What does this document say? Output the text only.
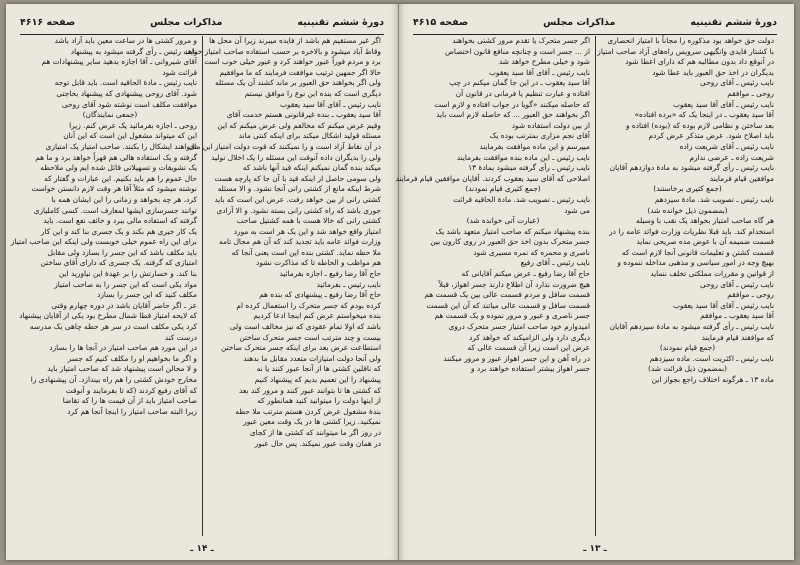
دورهٔ ششم تقنینیه
مذاکرات مجلس
صفحه ۴۶۱۶
اگر غیر مستقیم هم باشد از فایده میبرند زیرا آن محل ها
وقاط آباد میشود و بالاخره بر حسب استفاده صاحب امتیاز خواهد
برد و مردم فوراً عبور خواهند کرد و عبور خیلی خوب است
حالا اگر جمهین ترتیب موافقت فرمایند که ما موافقیم
ولی اگر بخواهند حق العبور بر ماند کشند آن یک مسئله
دیگری است که بنده ابن نوع را موافق نیستم
نایب رئیس ـ آقای آقا سید یعقوب
آقا سید یعقوب ـ بنده غیرقانونی هستم خدمت آقای
وقیم عرض میکنم که مخالفم ولی عرض میکنم که این
مسئله قولید اشکال میکند برای اینکه کنتی ماند
در آن نقاط آزاد است و را نمیکنند که قوت دولت امتیاز این مال
ولی را بدیگران داده آنوقت این مسئله را یک اخلال تولید
میکند بنده گمان نمیکنم اینکه قید آنها باشد که
ولی سومی حاصل از اینکه قید با آن جا که پارچه هست
شرط اینکه مانع از کشتی رانی آنجا نشود. و الا مسئله
کشتی رانی از بین خواهد رفت. عرض این است که باید
جوری باشد که راه کشتی رانی بسته نشود. و الا آزادی
کشتی رانی که خالا هست با همه کشتیل صاحب
امتیاز واقع خواهد شد و این یک هر است به مورد
وزارت فوائد عامه باید تجدید کند که آن هم مجال تامه
ملا حظه نماید. کشتی بنده این است یعنی آنجا که
هم مواظب و الحاطه تا که مذاکرت نشود
حاج آقا رضا رفیع ـ اجازه بفرمائید
نایب رئیس ـ بفرمائید
حاج آقا رضا رفیع ـ پیشنهادی که بنده هم
کرده بودم که جسر متحرک را استعمال کرده ام
بنده میخواستم عرض کنم اینجا ادعا کردیم
باشد که اولا تمام عقودی که نیز مخالف است ولی
بیست و چند مترتب است جسر متحرک ساختن
استطاعت عرض بعد برای اینکه جسر متحرک ساختن
ولی آنجا دولت امتیازات متعدد مقابل ما بدهند
که ناقلین کشتی ها از آنجا عبور کنند یا نه
پیشنهاد را این تعمیم بدیم که پیشنهاد کنیم
که کشتی ها تا بتوانند عبور کنند و مرور کند بعد
از اینها دولت را میتوانید کنید همانطور که
بندهٔ مشغول عرض کردن هستم مترتب ملا حظه
نمیکنید. زیرا کشتی ها در یک وقت معین عبور
در روز اگر ما میتوانند که کشتی ها از کجای
در همان وقت عبور نمیکند. پس حال عبور
و مرور کشتی ها در ساعت معین باید آزاد باشد
نایب رئیس ـ رأی گرفته میشود به پیشنهاد
آقای شیروانی ـ آقا اجازه بدهید سایر پیشنهادات هم
قرائت شود
نایب رئیس ـ مادهٔ الحاقیه است. باید قابل توجه
شود. آقای روحی پیشنهادی که پیشنهاد بحاجتی
موافقت مکلف است نوشته شود آقای روحی
(جمعی نمایندگان)
روحی ـ اجازه بفرمائید یک عرض کنم. زیرا
این که میتواند مشغول این است که این آنان
نخواهند ایشکال را بکنند. صاحب امتیاز یک امتیازی
گرفته و یک استفاده هالی هم قهراً خواهد برد و ما هم
یک تشویقات و تسهیلاتی قائل شده ایم ولی ملاحظه
حال عموم را هم باید بکنیم. این عبارات و گفتار که
نوشته میشود که مثلاً آقا هر وقت لازم دانستن خواست
کرد، هر چه بخواهد و زمانی را این ایشان همه با
توانند جسرسازی ایشها لمعارف است. کسی کاملیازی
گرفته که استفاده مالی ببرد و خائف نفع است. باید
یک کار خیری هم بکند و یک جسری بنا کند و این کار
برای این راه عموم خیلی خوبست ولی اینکه این صاحب امتیاز
باید مکلف باشد که این جسر را بسازد ولی مقابل
امتیازی که گرفته. یک جسری که دارای آقای ساختن
بنا کند. و خسارتش را بر عهدهٔ این نیاورید این
مواد یکی است که این جسر را به صاحب امتیاز
مکلف کنید که این جسر را بسازد
عز ـ اگر حاضر آقایان باشد در دوره چهارم وقتی
که لایحه امتیاز قطا شمال مطرح بود یکی از آقایان پیشنهاد
کرد یکی مکلف است در سر هر حظه چاهی بک مدرسه
درست کند
در این مورد هم صاحب امتیاز در آنجا ها را بسازد
و اگر ما بخواهیم او را مکلف کنیم که جسر
و لا محالن است پیشنهاد شد که صاحب امتیاز باید
مخارج خودش کشتی را هم راه بیندازد. آن پیشنهادی را
که آقای رفیع کردند (که تا بفرمایند و آنوقت
صاحب امتیاز باید از آن قیمت ها را که تقاضا
زیرا البته صاحب امتیاز را اینجا آنجا هم کرد
ـ ۱۴ ـ
دورهٔ ششم تقنینیه
مذاکرات مجلس
صفحه ۴۶۱۵
دولت حق خواهد بود مذکوره را مجاناً با امتیاز انحصاری
با کشتار قایدی وانگیهی سرویس راه‌های آزاد صاحب امتیاز
در آنوقع داد بدون مطالبه هم که دارای اعطا شود
بدیگران در اخذ حق العبور باید عطا شود
نایب رئیس ـ آقای روحی
روحی ـ موافقم
نایب رئیس ـ آقای آقا سید یعقوب
آقا سید یعقوب ـ در اینجا یک که «برده افتاده»
بعد ساختن و نظامی لازم بوده که (بوده) افتاده و
باید اصلاح شود. عرض متذکر عرض کردم
نایب رئیس ـ آقای شریعت زاده
شریعت زاده ـ عرضی ندارم
نایب رئیس ـ رأی گرفته میشود به مادهٔ دوازدهم آقایان
موافقین قیام فرمایند
(جمع کثیری برخاستند)
نایب رئیس ـ تصویب شد. مادهٔ سیزدهم
(بمضمون ذیل خوانده شد)
هر گاه صاحب امتیاز بخواهد یک نقب با وسیله
استخدام کند. باید قبلا نظریات وزارت فوائد عامه را در
قسمت ضمیمه آن با عوض مده صریحی نماید
قسمت کشتن و تعلیمات قانونی آنجا لازم است که
بهیچ وجه در امور سیاسی و مذهبی مداخله ننموده و
از قوانین و مقررات مملکتی تخلف ننماید
نایب رئیس ـ آقای روحی
روحی ـ موافقم
نایب رئیس ـ آقای آقا سید یعقوب
آقا سید یعقوب ـ موافقم
نایب رئیس ـ رأی گرفته میشود به مادهٔ سیزدهم آقایان
که موافقند قیام فرمایند
(جمع قیام نمودند)
نایب رئیس ـ اکثریت است. ماده سیزدهم
(بمضمون ذیل قرائت شد)
ماده ۱۳ ـ هرگونه اختلاف راجع بجواز این
اگر جسر متحرک یا تقدم مرور کشتی بخواهند
از ... جسر است و چنانچه منافع قانون اختصاص
شود و خیلی مطرح خواهد شد
نایب رئیس ـ آقای آقا سید یعقوب
آقا سید یعقوب ـ در این جا گمان میکنم در چپ
افتاده و عبارت تنظیم یا فرمانی در قانون آن
که حاصله میکنند «گویا در جواب افتاده و لازم است
اگر بخواهند حق العبور ... که حاصله لازم است باید
از بین دولت استفاده شود
آقای نجم مزاری بمترتب بوده یک
میپرسم و این ماده موافقت بفرمایند
نایب رئیس ـ این ماده بنده موافقت بفرمایند
نایب رئیس ـ رأی گرفته میشود بمادهٔ ۱۳
اصلاحی که آقای سید یعقوب کردند. آقایان موافقین قیام فرمایند
(جمع کثیری قیام نمودند)
نایب رئیس ـ تصویب شد. مادهٔ الحاقیه قرائت
می شود
(عبارت آتی خوانده شد)
بنده پیشنهاد میکنم که صاحب امتیاز متعهد باشد یک
جسر متحرک بدون اخذ حق العبور در روی کارون بین
ناصری و محمره که نمره مسیری شود
نایب رئیس ـ آقای رفیع
حاج آقا رضا رفیع ـ عرض میکنم آقایانی که
هیچ ضرورت ندارد آن اطلاع دارند جسر اهواز، قبلاً
قسمت سافل و مردم قسمت عالی بین یک قسمت هم
قسمت سافل و قسمت عالی میاتند که آن این قسمت
جسر ناصری و عبور و مرور نموده و یک قسمت هم
امیدوارم خود صاحب امتیاز جسر متحرک دروی
دیگری دارد ولی الزامیکند که خواهد کرد
عرض این است زیرا آن قسمت عالی که
در راه آهن و این جسر اهواز عبور و مرور میکنند
جسر اهواز بیشتر استفاده خواهند برد و
ـ ۱۳ ـ
